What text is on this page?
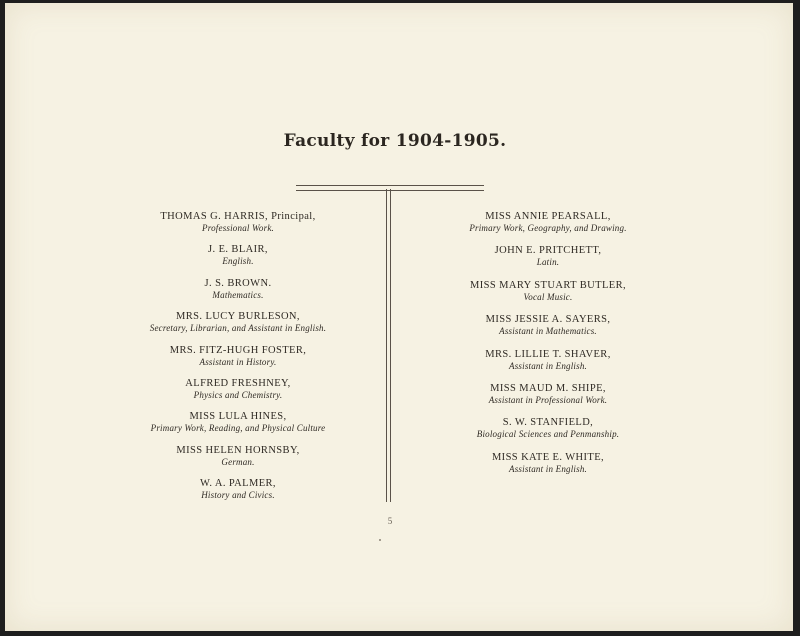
Faculty for 1904-1905.
THOMAS G. HARRIS, Principal,
Professional Work.
J. E. BLAIR,
English.
J. S. BROWN.
Mathematics.
MRS. LUCY BURLESON,
Secretary, Librarian, and Assistant in English.
MRS. FITZ-HUGH FOSTER,
Assistant in History.
ALFRED FRESHNEY,
Physics and Chemistry.
MISS LULA HINES,
Primary Work, Reading, and Physical Culture
MISS HELEN HORNSBY,
German.
W. A. PALMER,
History and Civics.
MISS ANNIE PEARSALL,
Primary Work, Geography, and Drawing.
JOHN E. PRITCHETT,
Latin.
MISS MARY STUART BUTLER,
Vocal Music.
MISS JESSIE A. SAYERS,
Assistant in Mathematics.
MRS. LILLIE T. SHAVER,
Assistant in English.
MISS MAUD M. SHIPE,
Assistant in Professional Work.
S. W. STANFIELD,
Biological Sciences and Penmanship.
MISS KATE E. WHITE,
Assistant in English.
5
